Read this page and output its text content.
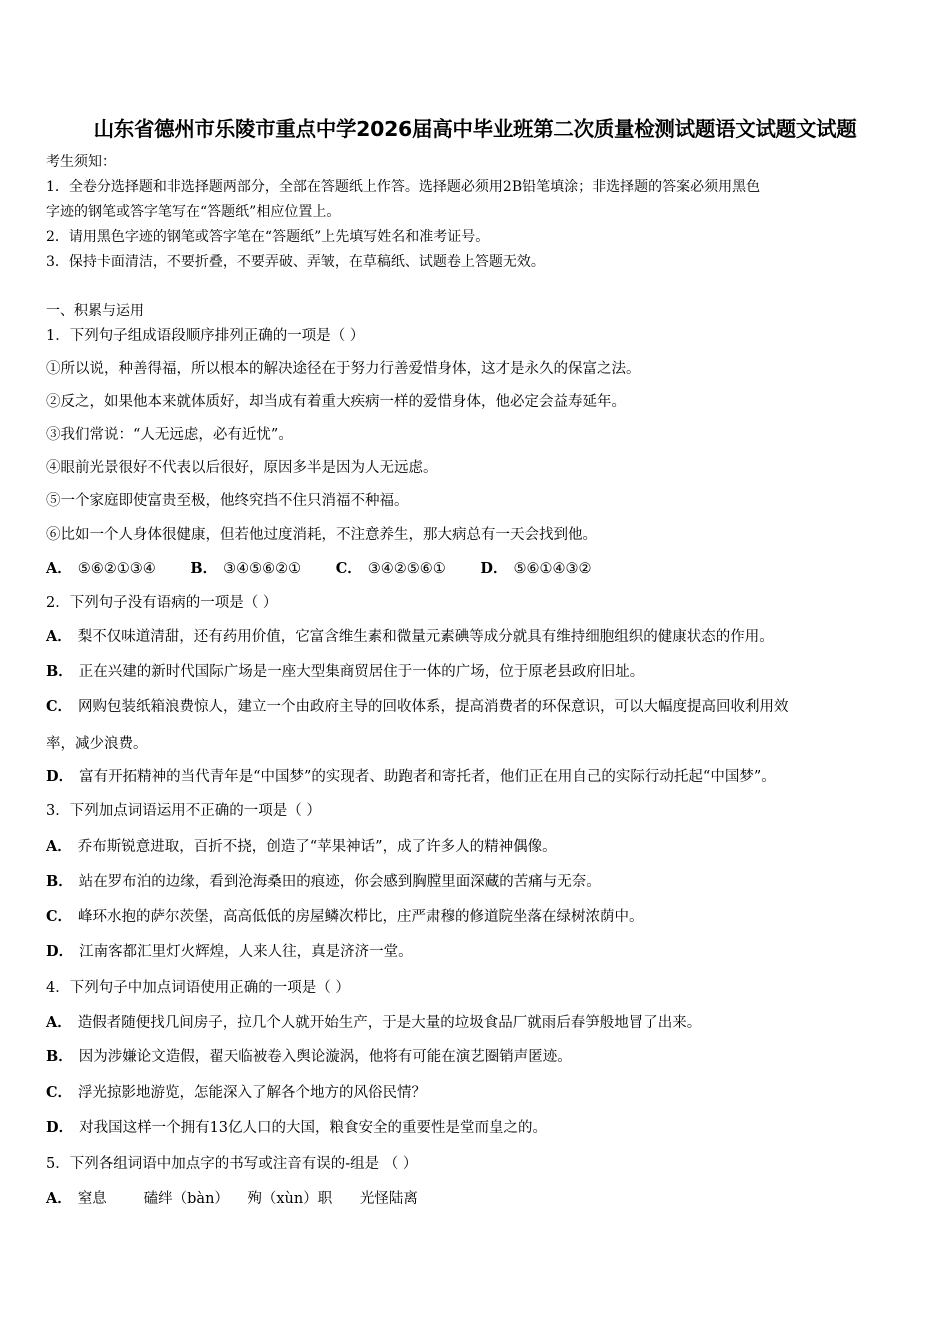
山东省德州市乐陵市重点中学2026届高中毕业班第二次质量检测试题语文试题文试题
考生须知：
1．全卷分选择题和非选择题两部分，全部在答题纸上作答。选择题必须用2B铅笔填涂；非选择题的答案必须用黑色
字迹的钢笔或答字笔写在“答题纸”相应位置上。
2．请用黑色字迹的钢笔或答字笔在“答题纸”上先填写姓名和准考证号。
3．保持卡面清洁，不要折叠，不要弄破、弄皱，在草稿纸、试题卷上答题无效。
一、积累与运用
1．下列句子组成语段顺序排列正确的一项是（ ）
①所以说，种善得福，所以根本的解决途径在于努力行善爱惜身体，这才是永久的保富之法。
②反之，如果他本来就体质好，却当成有着重大疾病一样的爱惜身体，他必定会益寿延年。
③我们常说：“人无远虑，必有近忧”。
④眼前光景很好不代表以后很好，原因多半是因为人无远虑。
⑤一个家庭即使富贵至极，他终究挡不住只消福不种福。
⑥比如一个人身体很健康，但若他过度消耗，不注意养生，那大病总有一天会找到他。
A． ⑤⑥②①③④ B． ③④⑤⑥②① C． ③④②⑤⑥① D． ⑤⑥①④③②
2．下列句子没有语病的一项是（ ）
A． 梨不仅味道清甜，还有药用价值，它富含维生素和微量元素碘等成分就具有维持细胞组织的健康状态的作用。
B． 正在兴建的新时代国际广场是一座大型集商贸居住于一体的广场，位于原老县政府旧址。
C． 网购包装纸箱浪费惊人，建立一个由政府主导的回收体系，提高消费者的环保意识，可以大幅度提高回收利用效
率，减少浪费。
D． 富有开拓精神的当代青年是“中国梦”的实现者、助跑者和寄托者，他们正在用自己的实际行动托起“中国梦”。
3．下列加点词语运用不正确的一项是（ ）
A． 乔布斯锐意进取，百折不挠，创造了“苹果神话”，成了许多人的精神偶像。
B． 站在罗布泊的边缘，看到沧海桑田的痕迹，你会感到胸膛里面深藏的苦痛与无奈。
C． 峰环水抱的萨尔茨堡，高高低低的房屋鳞次栉比，庄严肃穆的修道院坐落在绿树浓荫中。
D． 江南客都汇里灯火辉煌，人来人往，真是济济一堂。
4．下列句子中加点词语使用正确的一项是（ ）
A． 造假者随便找几间房子，拉几个人就开始生产，于是大量的垃圾食品厂就雨后春笋般地冒了出来。
B． 因为涉嫌论文造假，翟天临被卷入舆论漩涡，他将有可能在演艺圈销声匿迹。
C． 浮光掠影地游览，怎能深入了解各个地方的风俗民情？
D． 对我国这样一个拥有13亿人口的大国，粮食安全的重要性是堂而皇之的。
5．下列各组词语中加点字的书写或注音有误的-组是 （ ）
A． 窒息        磕绊（bàn）    殉（xùn）职      光怪陆离
